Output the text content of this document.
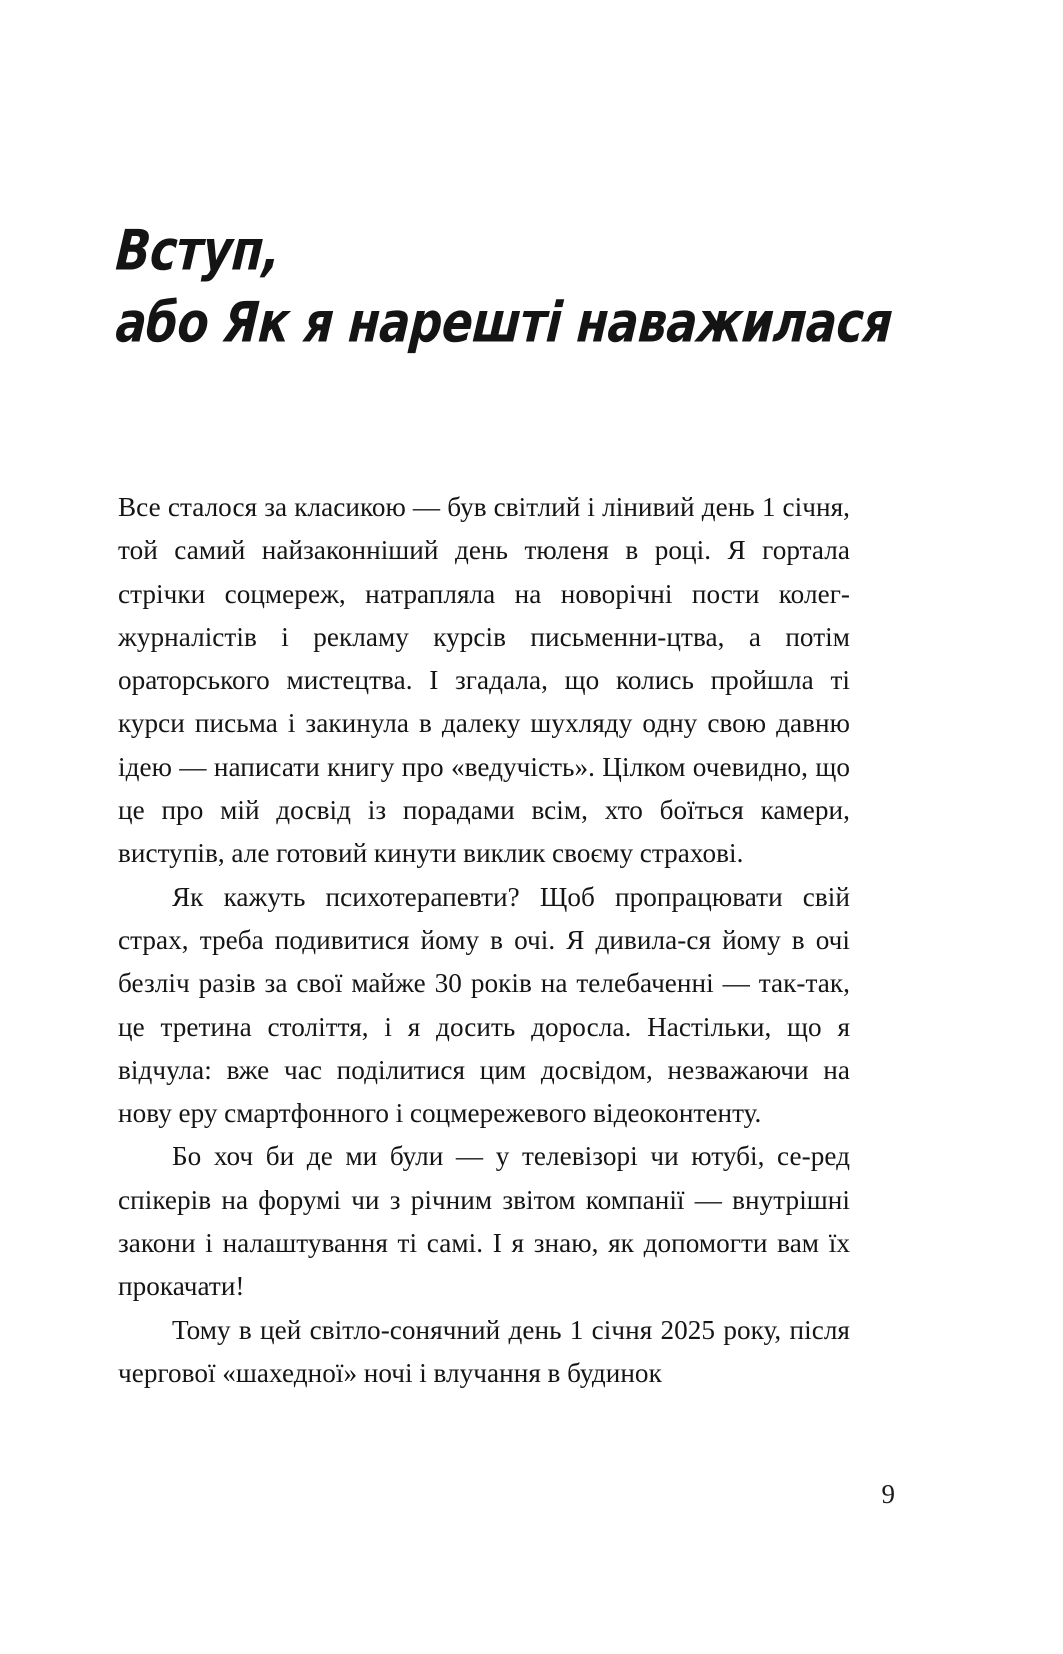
Вступ,
або Як я нарешті наважилася

Все сталося за класикою — був світлий і лінивий день 1 січня, той самий найзаконніший день тюленя в році. Я гортала стрічки соцмереж, натрапляла на новорічні пости колег-журналістів і рекламу курсів письменни-цтва, а потім ораторського мистецтва. І згадала, що колись пройшла ті курси письма і закинула в далеку шухляду одну свою давню ідею — написати книгу про «ведучість». Цілком очевидно, що це про мій досвід із порадами всім, хто боїться камери, виступів, але готовий кинути виклик своєму страхові.

Як кажуть психотерапевти? Щоб пропрацювати свій страх, треба подивитися йому в очі. Я дивила-ся йому в очі безліч разів за свої майже 30 років на телебаченні — так-так, це третина століття, і я досить доросла. Настільки, що я відчула: вже час поділитися цим досвідом, незважаючи на нову еру смартфонного і соцмережевого відеоконтенту.

Бо хоч би де ми були — у телевізорі чи ютубі, се-ред спікерів на форумі чи з річним звітом компанії — внутрішні закони і налаштування ті самі. І я знаю, як допомогти вам їх прокачати!

Тому в цей світло-сонячний день 1 січня 2025 року, після чергової «шахедної» ночі і влучання в будинок

9
